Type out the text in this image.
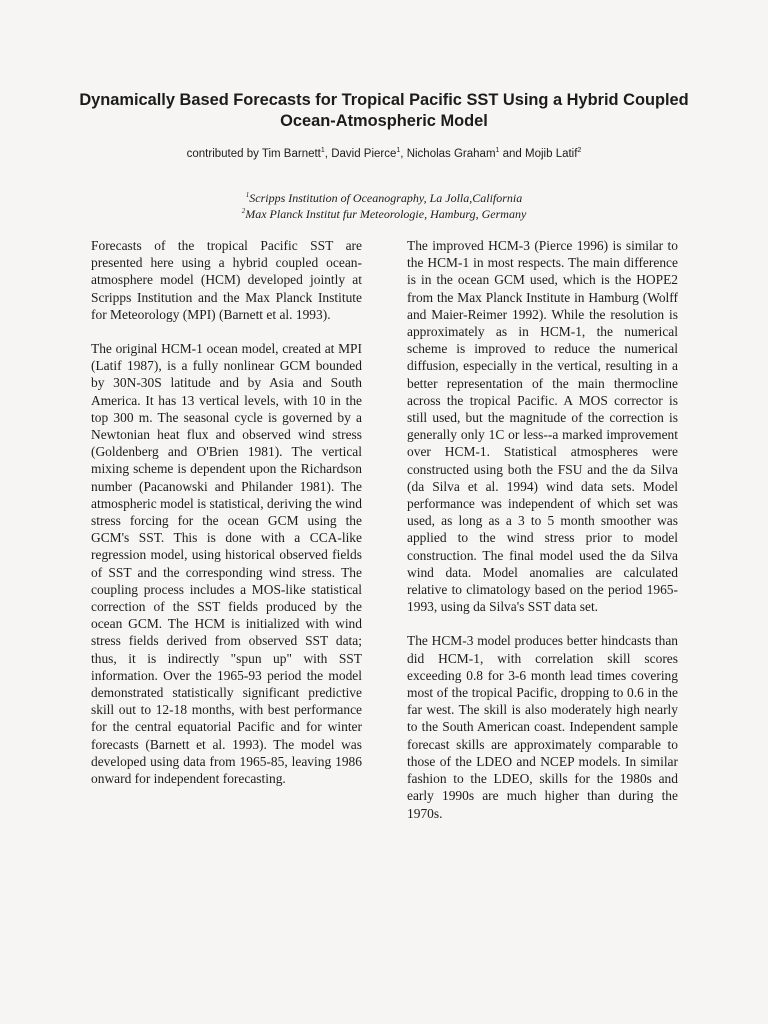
Dynamically Based Forecasts for Tropical Pacific SST Using a Hybrid Coupled Ocean-Atmospheric Model
contributed by Tim Barnett$^1$, David Pierce$^1$, Nicholas Graham$^1$ and Mojib Latif$^2$
$^1$Scripps Institution of Oceanography, La Jolla,California
$^2$Max Planck Institut fur Meteorologie, Hamburg, Germany

Forecasts of the tropical Pacific SST are presented here using a hybrid coupled ocean-atmosphere model (HCM) developed jointly at Scripps Institution and the Max Planck Institute for Meteorology (MPI) (Barnett et al. 1993).

The original HCM-1 ocean model, created at MPI (Latif 1987), is a fully nonlinear GCM bounded by 30N-30S latitude and by Asia and South America. It has 13 vertical levels, with 10 in the top 300 m. The seasonal cycle is governed by a Newtonian heat flux and observed wind stress (Goldenberg and O'Brien 1981). The vertical mixing scheme is dependent upon the Richardson number (Pacanowski and Philander 1981). The atmospheric model is statistical, deriving the wind stress forcing for the ocean GCM using the GCM's SST. This is done with a CCA-like regression model, using historical observed fields of SST and the corresponding wind stress. The coupling process includes a MOS-like statistical correction of the SST fields produced by the ocean GCM. The HCM is initialized with wind stress fields derived from observed SST data; thus, it is indirectly "spun up" with SST information. Over the 1965-93 period the model demonstrated statistically significant predictive skill out to 12-18 months, with best performance for the central equatorial Pacific and for winter forecasts (Barnett et al. 1993). The model was developed using data from 1965-85, leaving 1986 onward for independent forecasting.

The improved HCM-3 (Pierce 1996) is similar to the HCM-1 in most respects. The main difference is in the ocean GCM used, which is the HOPE2 from the Max Planck Institute in Hamburg (Wolff and Maier-Reimer 1992). While the resolution is approximately as in HCM-1, the numerical scheme is improved to reduce the numerical diffusion, especially in the vertical, resulting in a better representation of the main thermocline across the tropical Pacific. A MOS corrector is still used, but the magnitude of the correction is generally only 1C or less--a marked improvement over HCM-1. Statistical atmospheres were constructed using both the FSU and the da Silva (da Silva et al. 1994) wind data sets. Model performance was independent of which set was used, as long as a 3 to 5 month smoother was applied to the wind stress prior to model construction. The final model used the da Silva wind data. Model anomalies are calculated relative to climatology based on the period 1965-1993, using da Silva's SST data set.

The HCM-3 model produces better hindcasts than did HCM-1, with correlation skill scores exceeding 0.8 for 3-6 month lead times covering most of the tropical Pacific, dropping to 0.6 in the far west. The skill is also moderately high nearly to the South American coast. Independent sample forecast skills are approximately comparable to those of the LDEO and NCEP models. In similar fashion to the LDEO, skills for the 1980s and early 1990s are much higher than during the 1970s.
